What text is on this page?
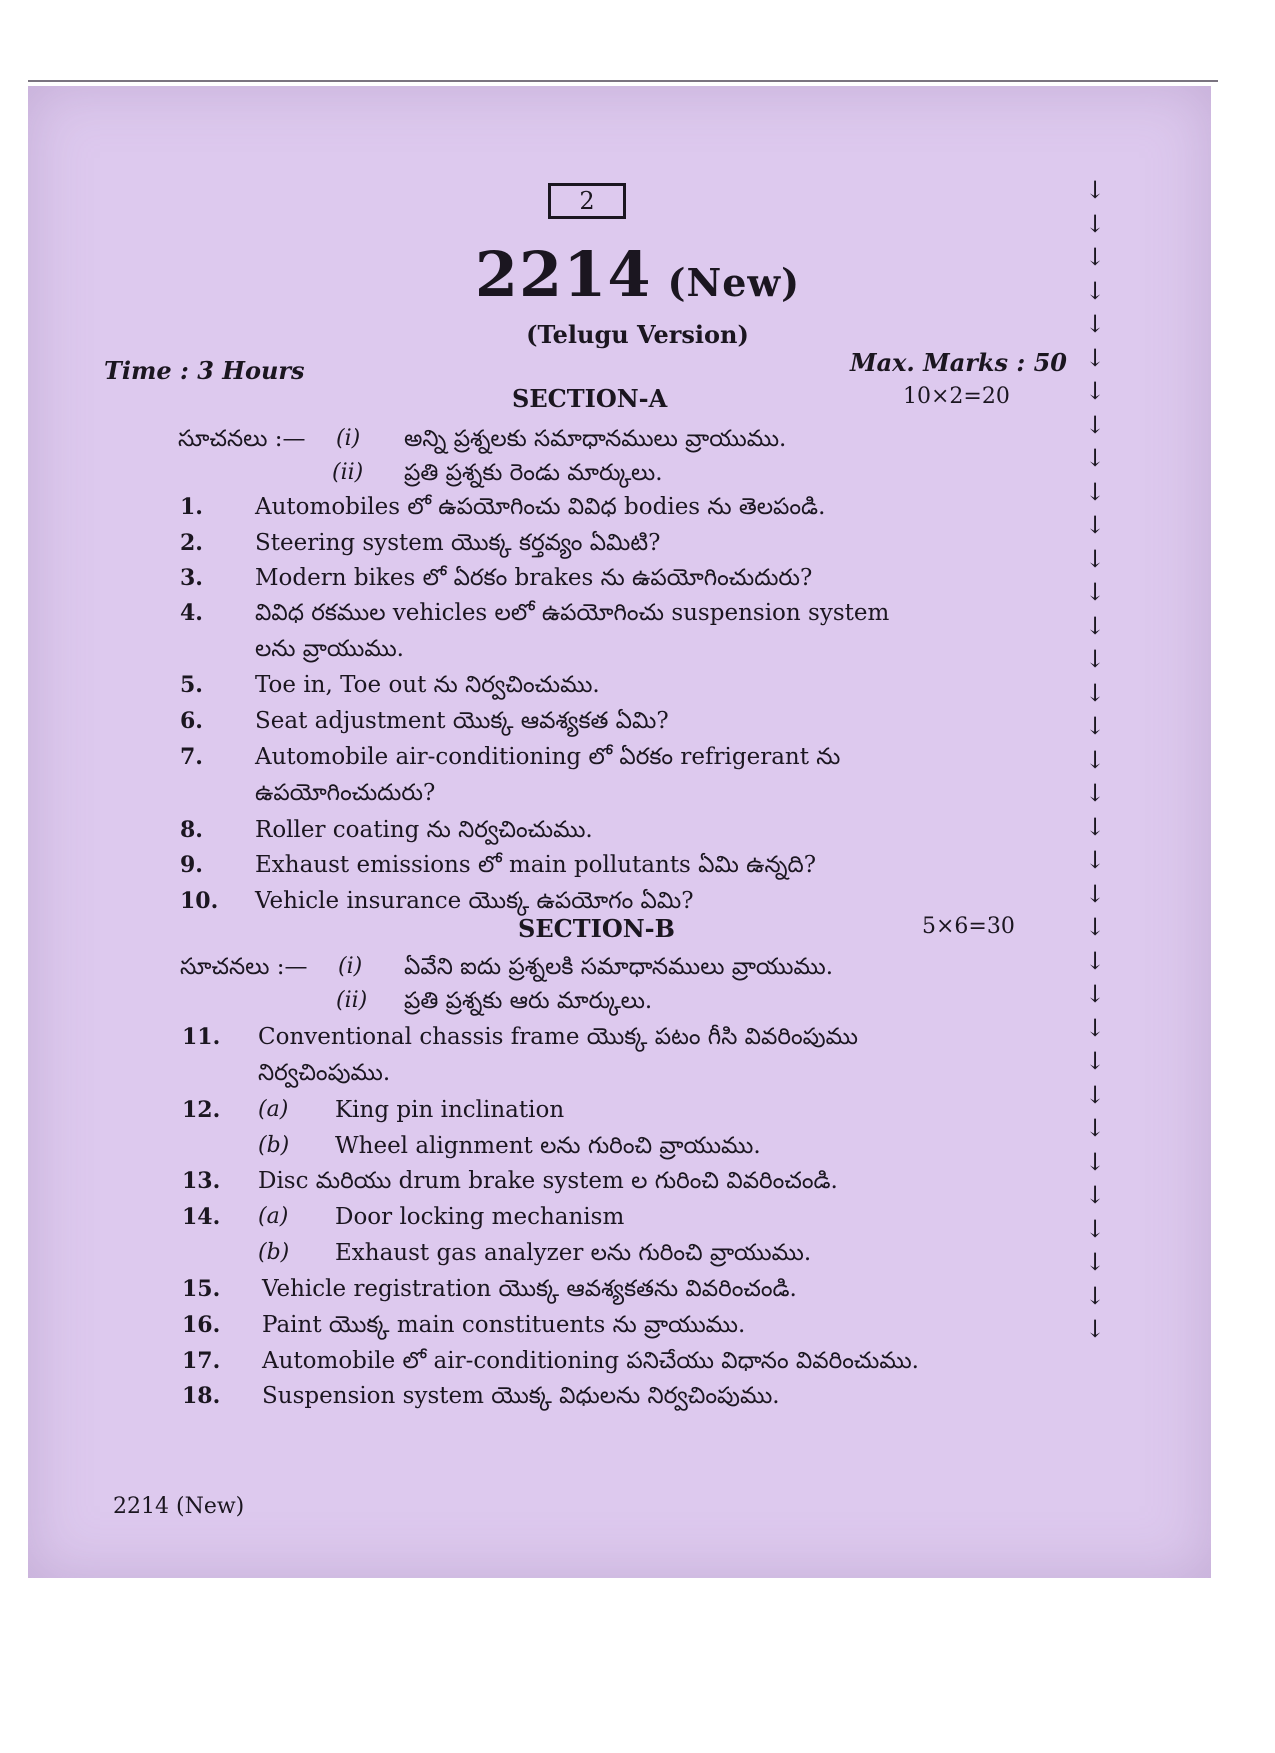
2
2214 (New)
(Telugu Version)
Time : 3 Hours	Max. Marks : 50
SECTION-A	10×2=20
సూచనలు :— (i) అన్ని ప్రశ్నలకు సమాధానములు వ్రాయుము.
(ii) ప్రతి ప్రశ్నకు రెండు మార్కులు.
1. Automobiles లో ఉపయోగించు వివిధ bodies ను తెలపండి.
2. Steering system యొక్క కర్తవ్యం ఏమిటి?
3. Modern bikes లో ఏరకం brakes ను ఉపయోగించుదురు?
4. వివిధ రకముల vehicles లలో ఉపయోగించు suspension system
లను వ్రాయుము.
5. Toe in, Toe out ను నిర్వచించుము.
6. Seat adjustment యొక్క ఆవశ్యకత ఏమి?
7. Automobile air-conditioning లో ఏరకం refrigerant ను
ఉపయోగించుదురు?
8. Roller coating ను నిర్వచించుము.
9. Exhaust emissions లో main pollutants ఏమి ఉన్నది?
10. Vehicle insurance యొక్క ఉపయోగం ఏమి?
SECTION-B	5×6=30
సూచనలు :— (i) ఏవేని ఐదు ప్రశ్నలకి సమాధానములు వ్రాయుము.
(ii) ప్రతి ప్రశ్నకు ఆరు మార్కులు.
11. Conventional chassis frame యొక్క పటం గీసి వివరింపుము
నిర్వచింపుము.
12. (a) King pin inclination
(b) Wheel alignment లను గురించి వ్రాయుము.
13. Disc మరియు drum brake system ల గురించి వివరించండి.
14. (a) Door locking mechanism
(b) Exhaust gas analyzer లను గురించి వ్రాయుము.
15. Vehicle registration యొక్క ఆవశ్యకతను వివరించండి.
16. Paint యొక్క main constituents ను వ్రాయుము.
17. Automobile లో air-conditioning పనిచేయు విధానం వివరించుము.
18. Suspension system యొక్క విధులను నిర్వచింపుము.
2214 (New)
↓
↓
↓
↓
↓
↓
↓
↓
↓
↓
↓
↓
↓
↓
↓
↓
↓
↓
↓
↓
↓
↓
↓
↓
↓
↓
↓
↓
↓
↓
↓
↓
↓
↓
↓
